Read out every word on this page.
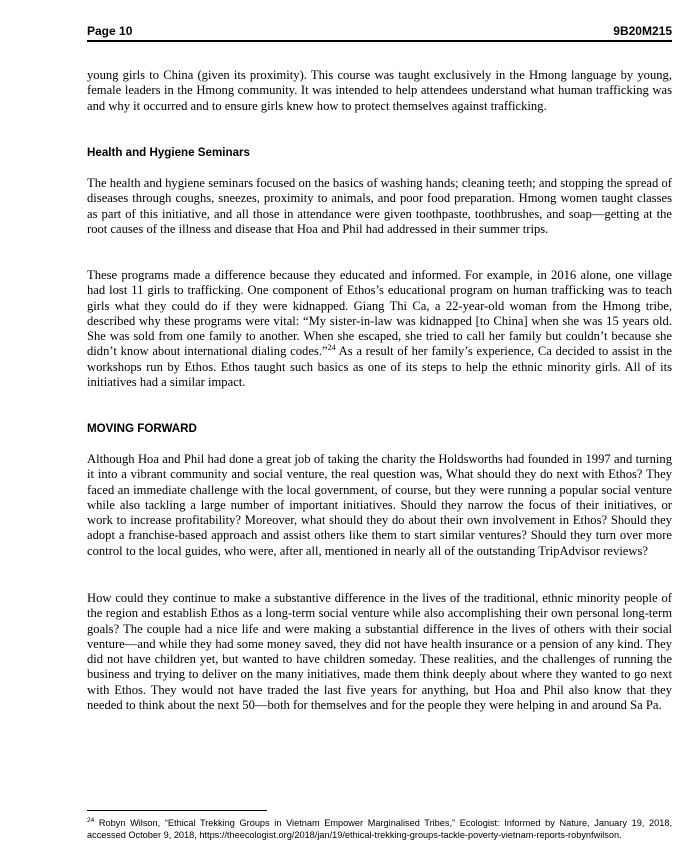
Page 10	9B20M215
young girls to China (given its proximity). This course was taught exclusively in the Hmong language by young, female leaders in the Hmong community. It was intended to help attendees understand what human trafficking was and why it occurred and to ensure girls knew how to protect themselves against trafficking.
Health and Hygiene Seminars
The health and hygiene seminars focused on the basics of washing hands; cleaning teeth; and stopping the spread of diseases through coughs, sneezes, proximity to animals, and poor food preparation. Hmong women taught classes as part of this initiative, and all those in attendance were given toothpaste, toothbrushes, and soap—getting at the root causes of the illness and disease that Hoa and Phil had addressed in their summer trips.
These programs made a difference because they educated and informed. For example, in 2016 alone, one village had lost 11 girls to trafficking. One component of Ethos’s educational program on human trafficking was to teach girls what they could do if they were kidnapped. Giang Thi Ca, a 22-year-old woman from the Hmong tribe, described why these programs were vital: “My sister-in-law was kidnapped [to China] when she was 15 years old. She was sold from one family to another. When she escaped, she tried to call her family but couldn’t because she didn’t know about international dialing codes.”$^{24}$ As a result of her family’s experience, Ca decided to assist in the workshops run by Ethos. Ethos taught such basics as one of its steps to help the ethnic minority girls. All of its initiatives had a similar impact.
MOVING FORWARD
Although Hoa and Phil had done a great job of taking the charity the Holdsworths had founded in 1997 and turning it into a vibrant community and social venture, the real question was, What should they do next with Ethos? They faced an immediate challenge with the local government, of course, but they were running a popular social venture while also tackling a large number of important initiatives. Should they narrow the focus of their initiatives, or work to increase profitability? Moreover, what should they do about their own involvement in Ethos? Should they adopt a franchise-based approach and assist others like them to start similar ventures? Should they turn over more control to the local guides, who were, after all, mentioned in nearly all of the outstanding TripAdvisor reviews?
How could they continue to make a substantive difference in the lives of the traditional, ethnic minority people of the region and establish Ethos as a long-term social venture while also accomplishing their own personal long-term goals? The couple had a nice life and were making a substantial difference in the lives of others with their social venture—and while they had some money saved, they did not have health insurance or a pension of any kind. They did not have children yet, but wanted to have children someday. These realities, and the challenges of running the business and trying to deliver on the many initiatives, made them think deeply about where they wanted to go next with Ethos. They would not have traded the last five years for anything, but Hoa and Phil also know that they needed to think about the next 50—both for themselves and for the people they were helping in and around Sa Pa.
$^{24}$ Robyn Wilson, “Ethical Trekking Groups in Vietnam Empower Marginalised Tribes,” Ecologist: Informed by Nature, January 19, 2018, accessed October 9, 2018, https://theecologist.org/2018/jan/19/ethical-trekking-groups-tackle-poverty-vietnam-reports-robynfwilson.
